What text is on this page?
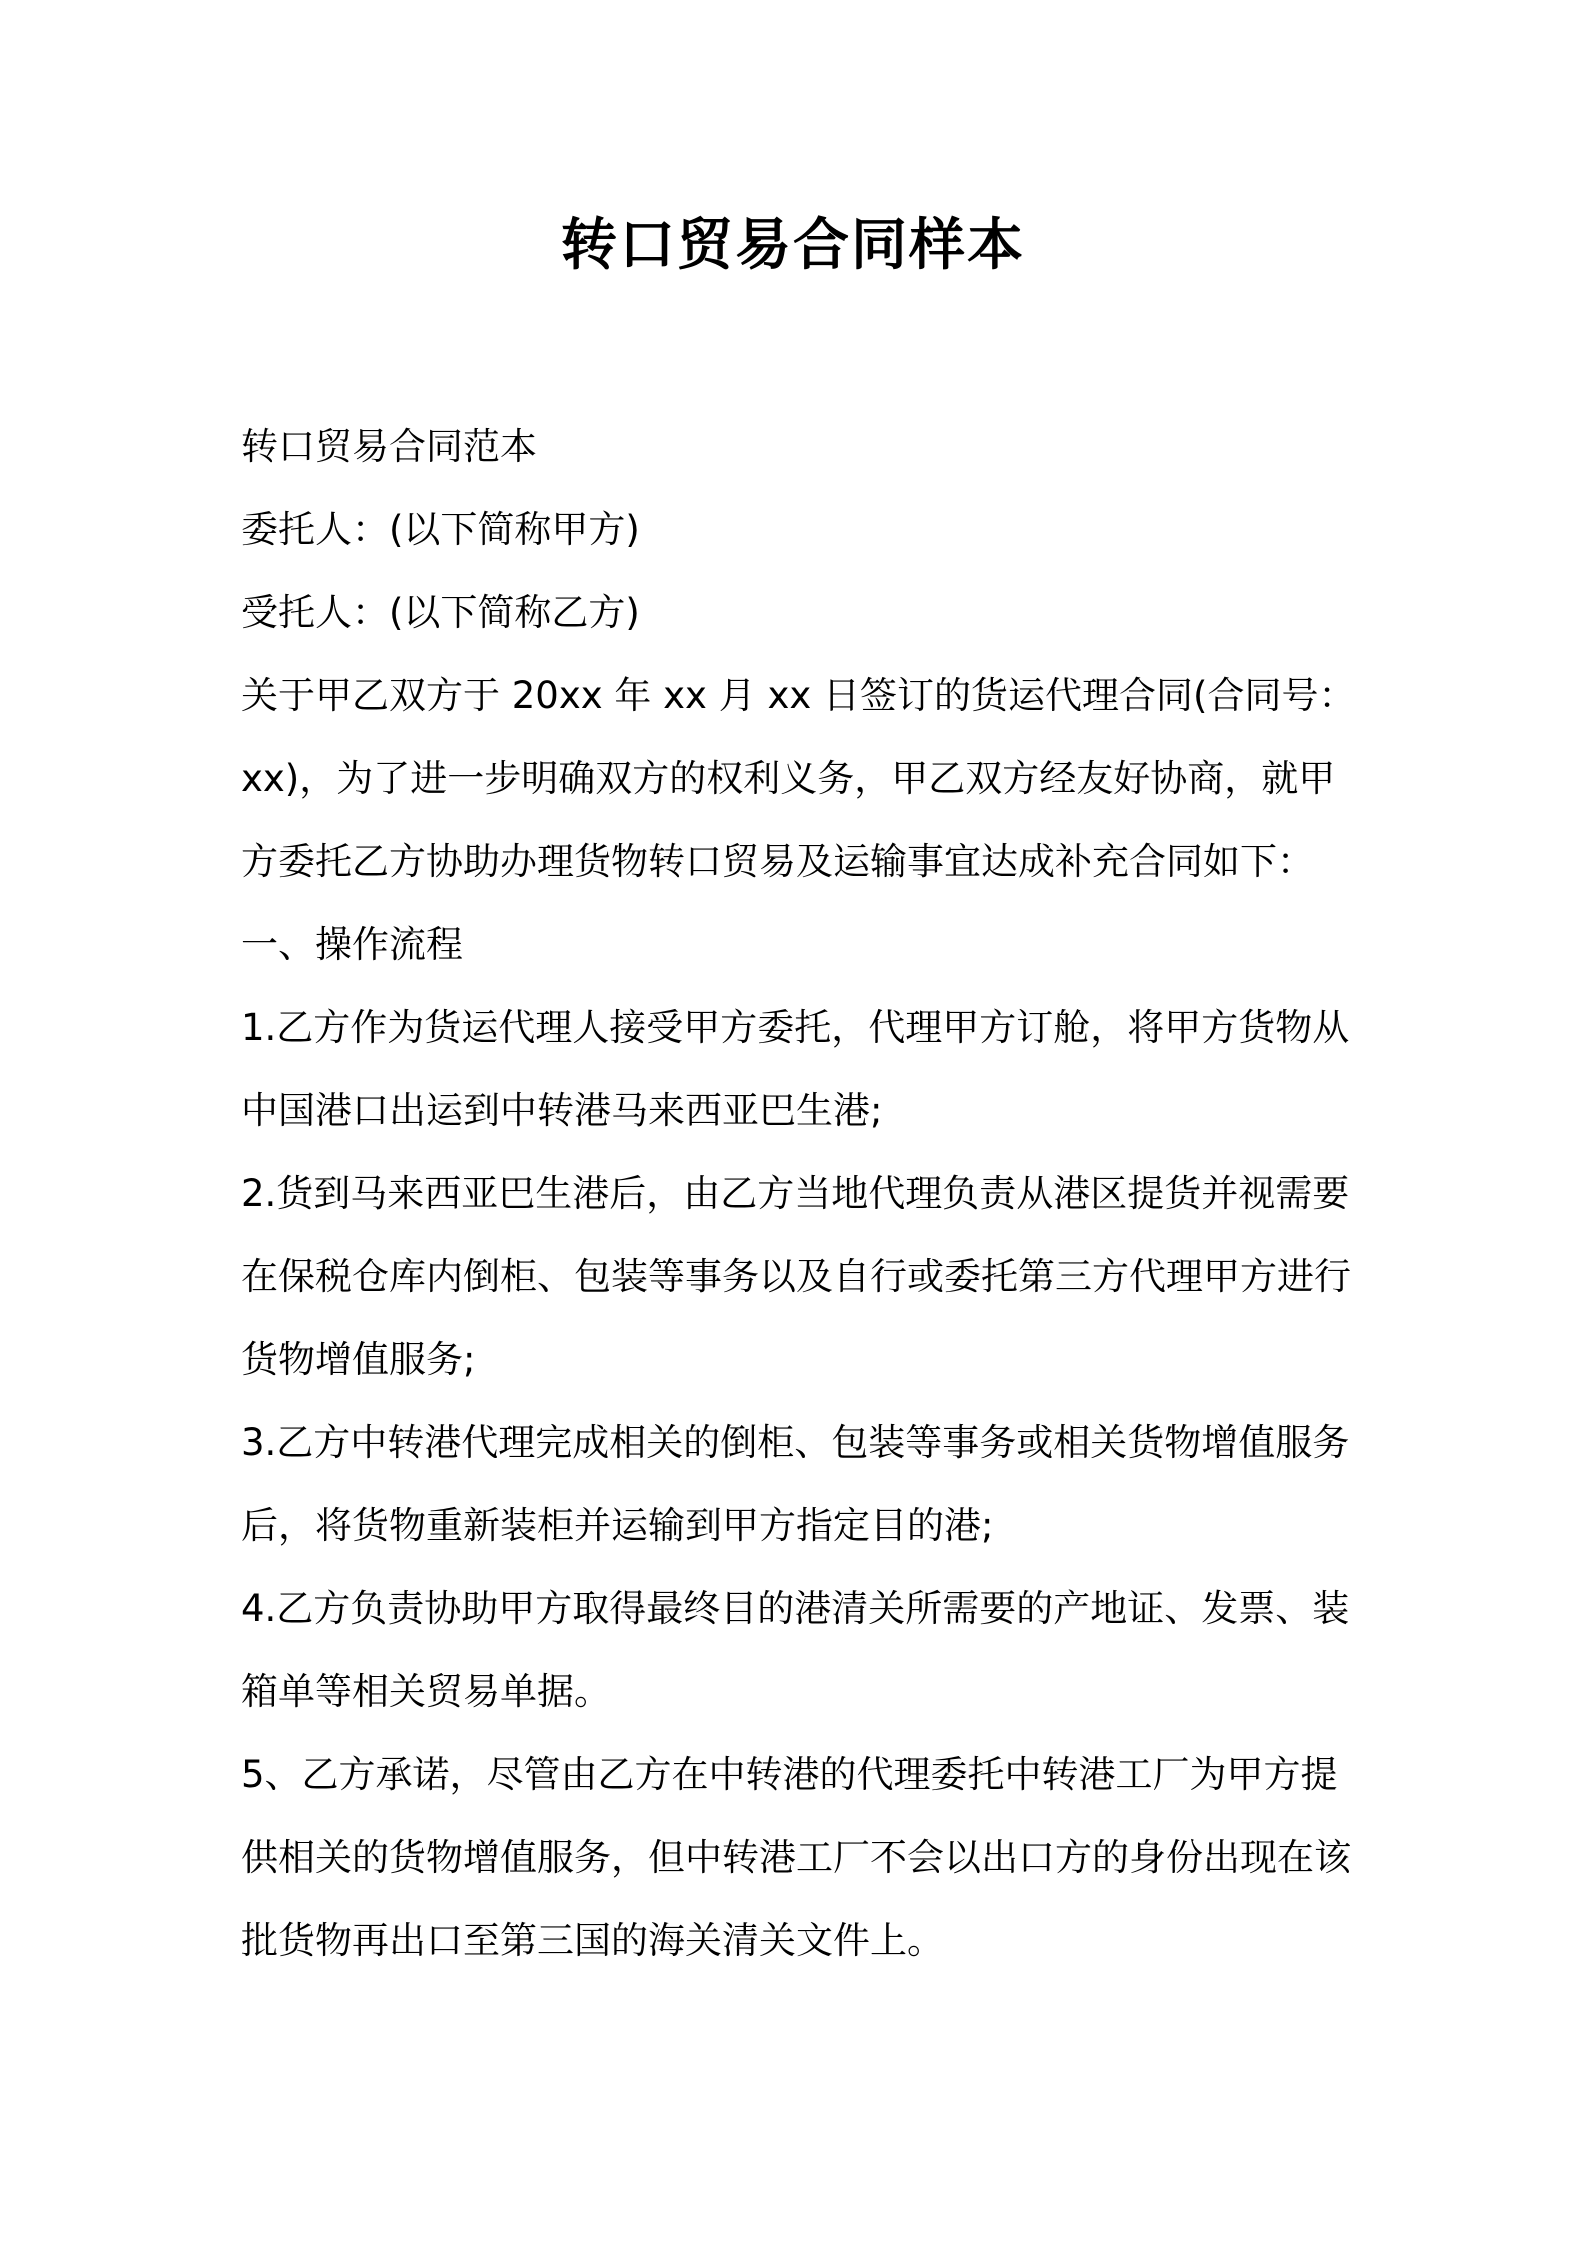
转口贸易合同样本

转口贸易合同范本

委托人：(以下简称甲方)

受托人：(以下简称乙方)

关于甲乙双方于 20xx 年 xx 月 xx 日签订的货运代理合同(合同号：

xx)，为了进一步明确双方的权利义务，甲乙双方经友好协商，就甲

方委托乙方协助办理货物转口贸易及运输事宜达成补充合同如下：

一、操作流程

1.乙方作为货运代理人接受甲方委托，代理甲方订舱，将甲方货物从

中国港口出运到中转港马来西亚巴生港;

2.货到马来西亚巴生港后，由乙方当地代理负责从港区提货并视需要

在保税仓库内倒柜、包装等事务以及自行或委托第三方代理甲方进行

货物增值服务;

3.乙方中转港代理完成相关的倒柜、包装等事务或相关货物增值服务

后，将货物重新装柜并运输到甲方指定目的港;

4.乙方负责协助甲方取得最终目的港清关所需要的产地证、发票、装

箱单等相关贸易单据。

5、乙方承诺，尽管由乙方在中转港的代理委托中转港工厂为甲方提

供相关的货物增值服务，但中转港工厂不会以出口方的身份出现在该

批货物再出口至第三国的海关清关文件上。
